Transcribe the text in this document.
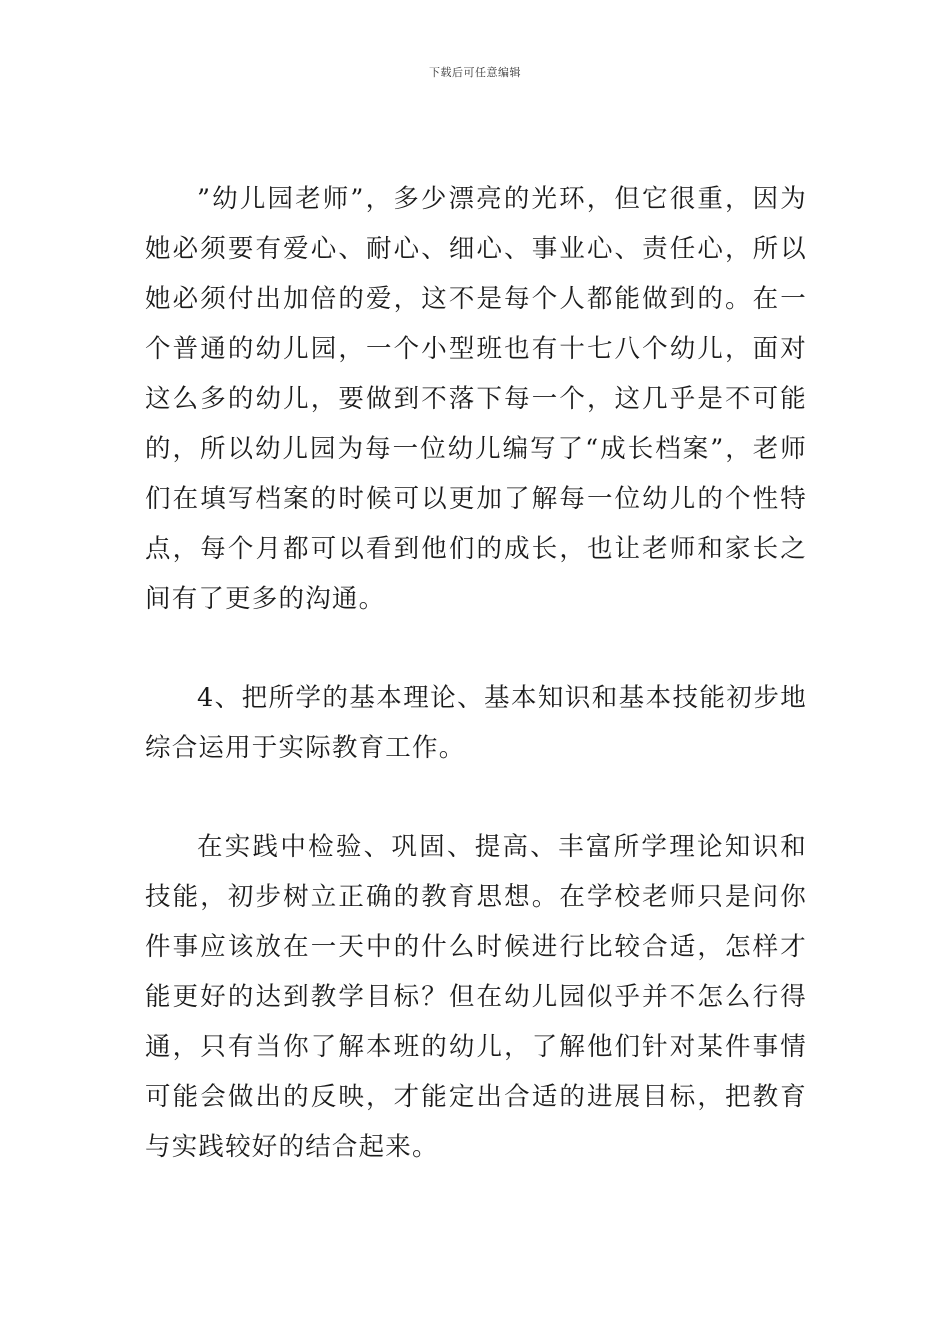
下载后可任意编辑

”幼儿园老师”，多少漂亮的光环，但它很重，因为她必须要有爱心、耐心、细心、事业心、责任心，所以她必须付出加倍的爱，这不是每个人都能做到的。在一个普通的幼儿园，一个小型班也有十七八个幼儿，面对这么多的幼儿，要做到不落下每一个，这几乎是不可能的，所以幼儿园为每一位幼儿编写了“成长档案”，老师们在填写档案的时候可以更加了解每一位幼儿的个性特点，每个月都可以看到他们的成长，也让老师和家长之间有了更多的沟通。

4、把所学的基本理论、基本知识和基本技能初步地综合运用于实际教育工作。

在实践中检验、巩固、提高、丰富所学理论知识和技能，初步树立正确的教育思想。在学校老师只是问你件事应该放在一天中的什么时候进行比较合适，怎样才能更好的达到教学目标？但在幼儿园似乎并不怎么行得通，只有当你了解本班的幼儿，了解他们针对某件事情可能会做出的反映，才能定出合适的进展目标，把教育与实践较好的结合起来。
